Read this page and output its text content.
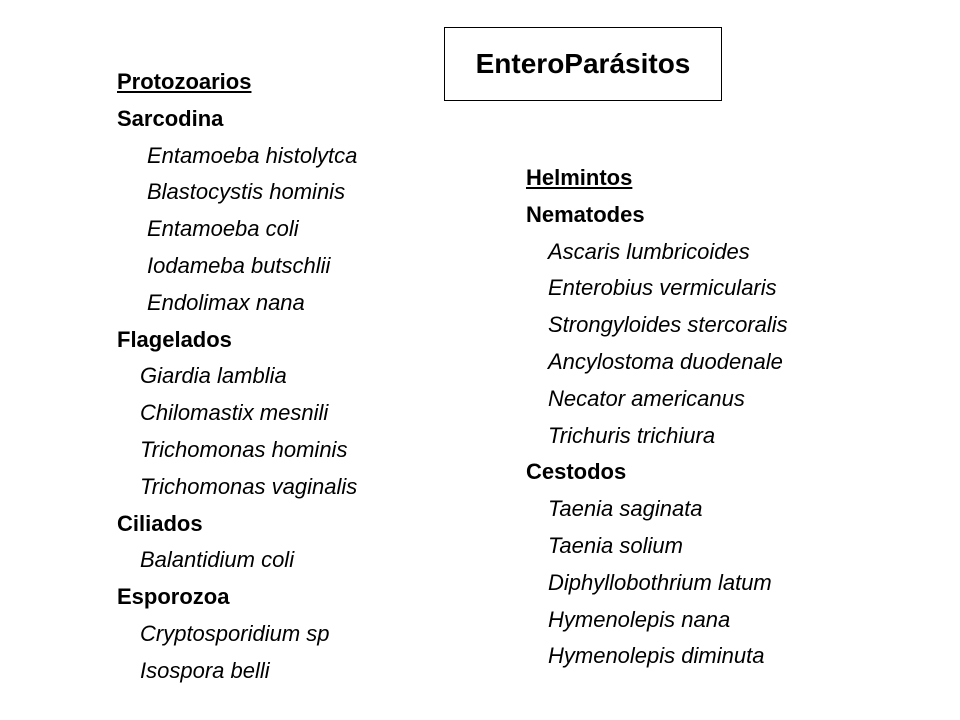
EnteroParásitos
Protozoarios
Sarcodina
Entamoeba histolytca
Blastocystis hominis
Entamoeba coli
Iodameba butschlii
Endolimax nana
Flagelados
Giardia lamblia
Chilomastix mesnili
Trichomonas hominis
Trichomonas vaginalis
Ciliados
Balantidium coli
Esporozoa
Cryptosporidium sp
Isospora belli
Helmintos
Nematodes
Ascaris lumbricoides
Enterobius vermicularis
Strongyloides stercoralis
Ancylostoma duodenale
Necator americanus
Trichuris trichiura
Cestodos
Taenia saginata
Taenia solium
Diphyllobothrium latum
Hymenolepis nana
Hymenolepis diminuta
